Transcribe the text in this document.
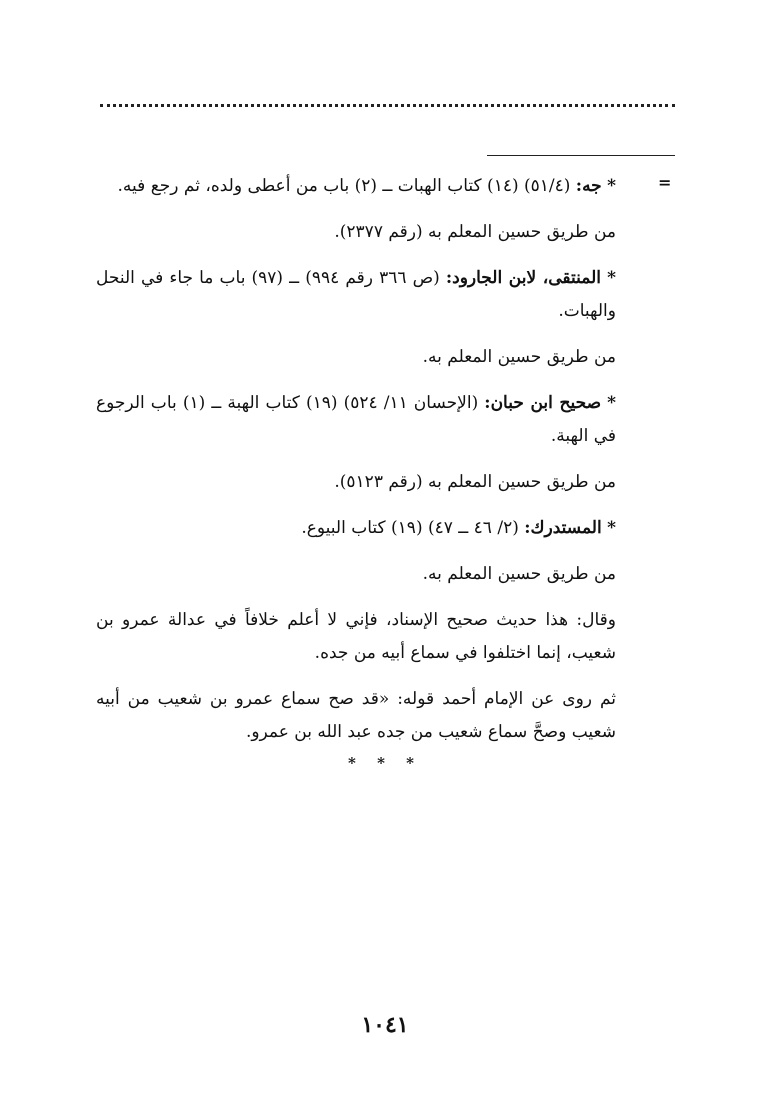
=

* جه: (٥١/٤) (١٤) كتاب الهبات ــ (٢) باب من أعطى ولده، ثم رجع فيه.

من طريق حسين المعلم به (رقم ٢٣٧٧).

* المنتقى، لابن الجارود: (ص ٣٦٦ رقم ٩٩٤) ــ (٩٧) باب ما جاء في النحل والهبات.

من طريق حسين المعلم به.

* صحيح ابن حبان: (الإحسان ١١/ ٥٢٤) (١٩) كتاب الهبة ــ (١) باب الرجوع في الهبة.

من طريق حسين المعلم به (رقم ٥١٢٣).

* المستدرك: (٢/ ٤٦ ــ ٤٧) (١٩) كتاب البيوع.

من طريق حسين المعلم به.

وقال: هذا حديث صحيح الإسناد، فإني لا أعلم خلافاً في عدالة عمرو بن شعيب، إنما اختلفوا في سماع أبيه من جده.

ثم روى عن الإمام أحمد قوله: «قد صح سماع عمرو بن شعيب من أبيه شعيب وصحَّ سماع شعيب من جده عبد الله بن عمرو.

* * *
١٠٤١
